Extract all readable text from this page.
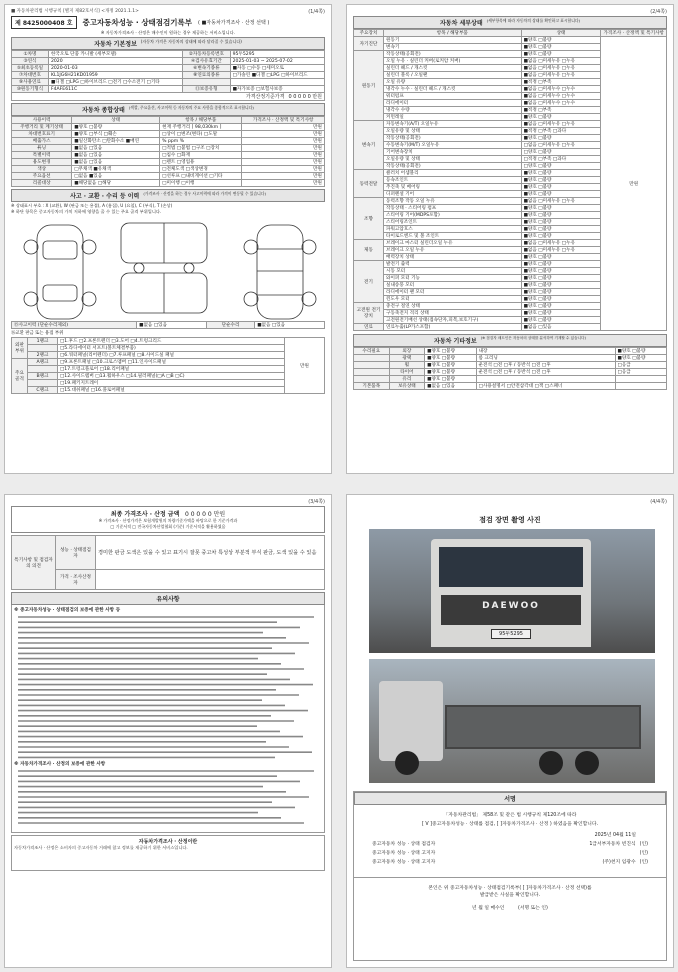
■ 자동차관리법 시행규칙 [별지 제82호서식] <개정 2021.1.1>	(1/4쪽)
제 8425000408 호	중고자동차성능 · 상태점검기록부 ( ■자동차가격조사 · 산정 선택 )
※ 자동차가격조사 · 산정은 매수인이 원하는 경우 제공하는 서비스입니다.
자동차 기본정보 (자동차 가격은 자동차의 상태에 따라 달라질 수 있습니다)
①차명	한국오토 단품 카니발 (세부모델)	②자동차등록번호	95두5295
③연식	2020	④검사유효기간	2025-01-03 ~ 2025-07-02
⑤최초등록일	2020-01-03	⑥변속기종류	■자동 □수동 □세미오토
⑦차대번호	KL1JG6H21KD01959	⑧연료의종류	□가솔린 ■디젤 □LPG □하이브리드
⑨사용연료	■디젤 □LPG □하이브리드 □전기 □수소전기 □기타		
⑩원동기형식	F4AFE611C	⑪보증유형	■자가보증 □보험사보증
가격산정기준가격 0 0 0 0 0 만원
자동차 종합상태 (색깔, 주요옵션, 사고이력 등 자동차의 주요 사항을 종합적으로 표시합니다)
사용이력	상태	항목 / 해당부품	가격조사 · 산정액 및 특기사항
주행거리 및 계기상태	■양호 □불량	현재 주행거리 [ 98,030km ]	만원
차대번호표기	■양호 □부식 □훼손	□상이 □변조(변타) □도말	만원
배출가스	■일산화탄소 □탄화수소 ■매연	% ppm %	만원
튜닝	■없음 □있음	□적법 □불법 □구조 □장치	만원
특별이력	■없음 □있음	□침수 □화재	만원
용도변경	■없음 □있음	□렌트 □영업용	만원
색상	□무채색 ■유채색	□전체도색 □색상변경	만원
주요옵션	□없음 ■있음	□선루프 □내비게이션 □기타	만원
리콜대상	■해당없음 □해당	□미이행 □이행	만원
사고 · 교환 · 수리 등 이력 (가격조사 · 산정을 하는 경우 사고이력에 따라 가격이 변동될 수 있습니다)
※ 상태표시 부호 : X (교환), W (판금 또는 용접), A (흠집), U (요철), C (부식), T (손상)
※ 하단 항목은 중고자동차의 가치 저하에 영향을 줄 수 있는 주요 골격 부위입니다.
⑮사고이력 (단순수리제외)	■없음 □있음	단순수리	■없음 □있음
⑯교환 판금 또는 용접 부위
외판 부위	1랭크	□1.후드 □2.프론트펜더 □3.도어 □4.트렁크리드	만원
		□5.라디에이터 서포트(볼트체결부품)	
	2랭크	□6.쿼터패널(리어펜더) □7.루프패널 □8.사이드실 패널	
주요 골격	A랭크	□9.프론트패널 □10.크로스멤버 □11.인사이드패널	
		□17.트렁크플로어 □18.리어패널	
	B랭크	□12.사이드멤버 □13.휠하우스 □14.필러패널(□A □B □C)	
		□19.패키지트레이	
	C랭크	□15.대쉬패널 □16.플로어패널	
(2/4쪽)
자동차 세부상태 (세부항목에 따라 자동차의 상태를 확인하고 표시합니다)
주요장치	항목 / 해당부품	상태	가격조사 · 산정액 및 특기사항
자기진단	원동기	■양호 □불량	만원
	변속기	■양호 □불량	
원동기	작동상태(공회전)	■양호 □불량	
	오일 누유 · 실린더 커버(로커암 커버)	■없음 □미세누유 □누유	
	실린더 헤드 / 개스킷	■없음 □미세누유 □누유	
	실린더 블록 / 오일팬	■없음 □미세누유 □누유	
	오일 유량	■적정 □부족	
	냉각수 누수 · 실린더 헤드 / 개스킷	■없음 □미세누수 □누수	
	워터펌프	■없음 □미세누수 □누수	
	라디에이터	■없음 □미세누수 □누수	
	냉각수 수량	■적정 □부족	
	커먼레일	■양호 □불량	
변속기	자동변속기(A/T) 오일누유	■없음 □미세누유 □누유	
	오일유량 및 상태	■적정 □부족 □과다	
	작동상태(공회전)	■양호 □불량	
	수동변속기(M/T) 오일누유	□없음 □미세누유 □누유	
	기어변속장치	□양호 □불량	
	오일유량 및 상태	□적정 □부족 □과다	
	작동상태(공회전)	□양호 □불량	
동력전달	클러치 어셈블리	■양호 □불량	
	등속조인트	■양호 □불량	
	추진축 및 베어링	■양호 □불량	
	디퍼렌셜 기어	■양호 □불량	
조향	동력조향 작동 오일 누유	■없음 □미세누유 □누유	
	작동상태 · 스티어링 펌프	■양호 □불량	
	스티어링 기어(MDPS포함)	■양호 □불량	
	스티어링조인트	■양호 □불량	
	파워고압호스	■양호 □불량	
	타이로드엔드 및 볼 조인트	■양호 □불량	
제동	브레이크 마스터 실린더오일 누유	■없음 □미세누유 □누유	
	브레이크 오일 누유	■없음 □미세누유 □누유	
	배력장치 상태	■양호 □불량	
전기	발전기 출력	■양호 □불량	
	시동 모터	■양호 □불량	
	와이퍼 모터 기능	■양호 □불량	
	실내송풍 모터	■양호 □불량	
	라디에이터 팬 모터	■양호 □불량	
	윈도우 모터	■양호 □불량	
고전원 전기장치	충전구 절연 상태	■양호 □불량	
	구동축전지 격리 상태	■양호 □불량	
	고전원전기배선 상태(접속단자,피복,보호기구)	■양호 □불량	
연료	연료누출(LP가스포함)	■없음 □있음	
자동차 기타정보 (※ 점검자 매도인은 자동차의 상태를 분석하여 기재할 수 있습니다)
수리필요	외장	■양호 □불량	내장	■양호 □불량
	광택	■양호 □불량	룸 크리닝	■양호 □불량
	휠	■양호 □불량	운전석 □전 □후 / 동반석 □전 □후	□응급
	타이어	■양호 □불량	운전석 □전 □후 / 동반석 □전 □후	□응급
	유리	■양호 □불량		
기본품목	보유상태	■없음 □있음	□사용설명서 □안전삼각대 □잭 □스패너	
(3/4쪽)
최종 가격조사 · 산정 금액 0 0 0 0 0 만원
※ 가격조사 · 산정가격은 보험개발원의 차량기준가액을 바탕으로 한 기준가격과
□ 기준서적 □ 전국자동차산업협회 (기준) 기준서적을 활용하였음
특기사항 및 점검자의 의견	성능 · 상태점검자	경미한 판금 도색은 있을 수 있고 표기시 잘못 중고차 특성상 부분적 부식 판금, 도색 있을 수 있음
	가격 · 조사산정자	
유의사항
※ 중고자동차성능 · 상태점검의 보증에 관한 사항 등
※ 자동차가격조사 · 산정의 보증에 관한 사항
자동차가격조사 · 산정이란
자동차가격조사 · 산정은 소비자의 중고자동차 거래에 참고 정보를 제공하기 위한 서비스입니다.
(4/4쪽)
점검 장면 촬영 사진
DAEWOO
95두5295
서명
「자동차관리법」 제58조 및 같은 법 시행규칙 제120조에 따라
[ V ]중고자동차성능 · 상태를 점검, [ ]자동차가격조사 · 산정 ) 하였음을 확인합니다.
2025년 04월 11일
중고자동차 성능 · 상태 점검자	1급서부자동차 빈진식 (인)
중고자동차 성능 · 상태 고지자	(인)
중고자동차 성능 · 상태 고지자	(주)천지 임광수 (인)
본인은 위 중고자동차성능 · 상태점검기록부( [ ]자동차가격조사 · 산정 선택)를
발급받은 사실을 확인합니다.
년 월 일 매수인	(서명 또는 인)
